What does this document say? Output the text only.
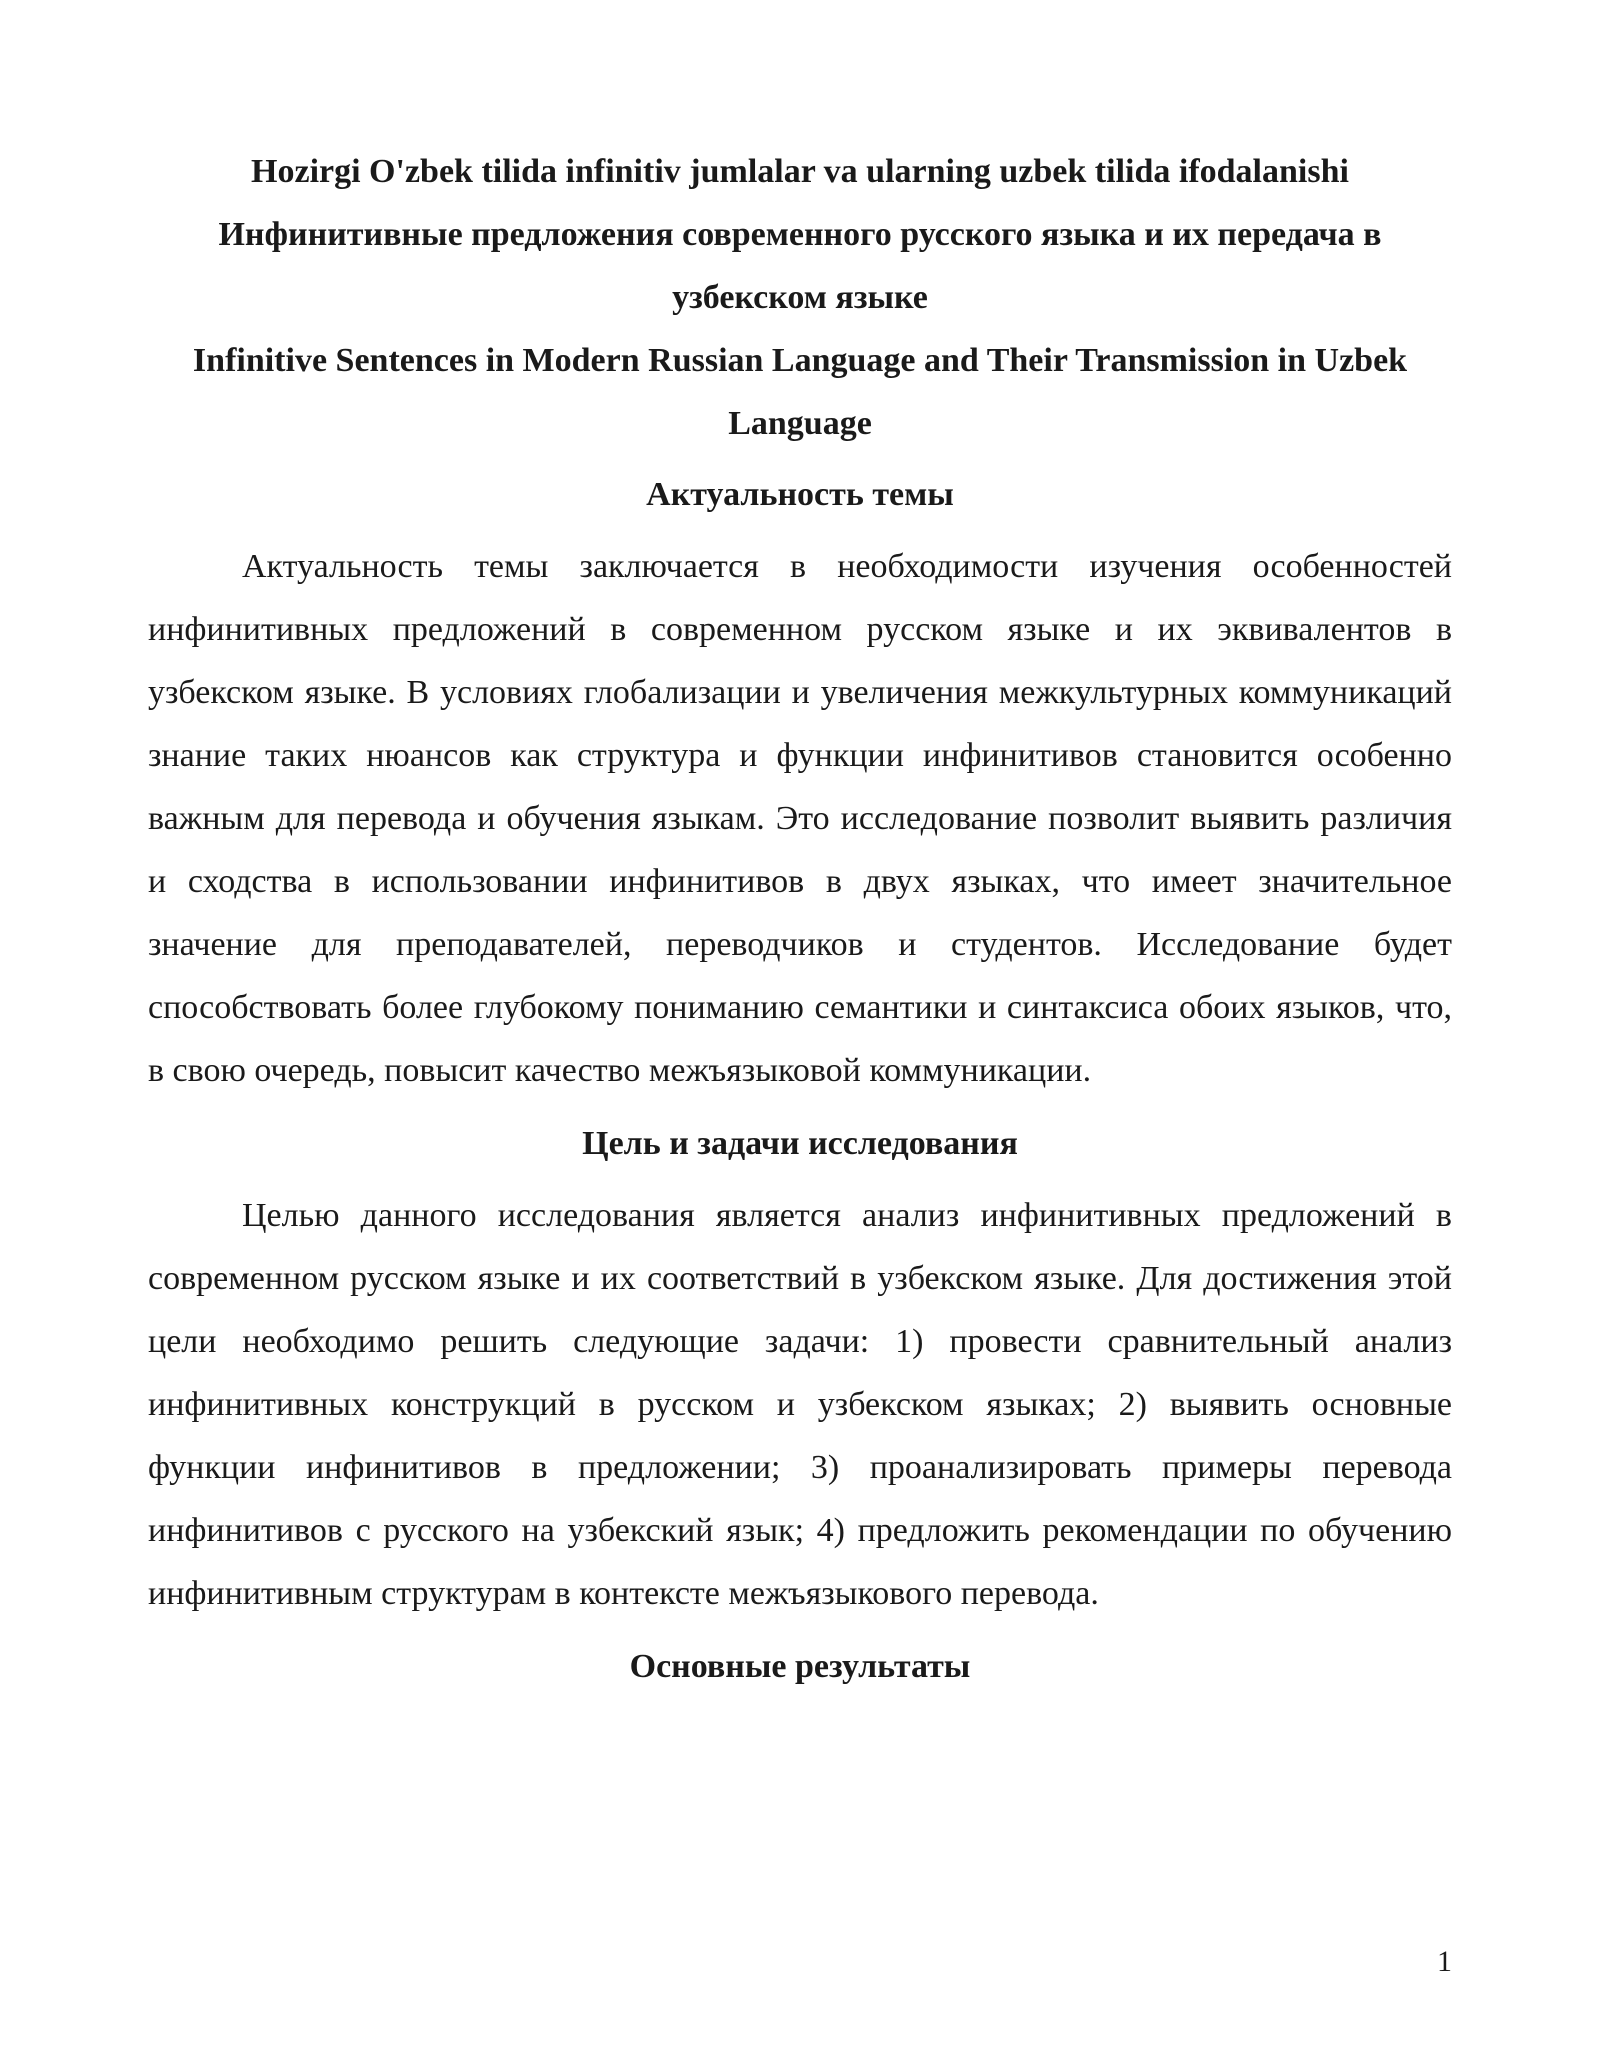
Hozirgi O'zbek tilida infinitiv jumlalar va ularning uzbek tilida ifodalanishi

Инфинитивные предложения современного русского языка и их передача в узбекском языке

Infinitive Sentences in Modern Russian Language and Their Transmission in Uzbek Language

Актуальность темы

Актуальность темы заключается в необходимости изучения особенностей инфинитивных предложений в современном русском языке и их эквивалентов в узбекском языке. В условиях глобализации и увеличения межкультурных коммуникаций знание таких нюансов как структура и функции инфинитивов становится особенно важным для перевода и обучения языкам. Это исследование позволит выявить различия и сходства в использовании инфинитивов в двух языках, что имеет значительное значение для преподавателей, переводчиков и студентов. Исследование будет способствовать более глубокому пониманию семантики и синтаксиса обоих языков, что, в свою очередь, повысит качество межъязыковой коммуникации.

Цель и задачи исследования

Целью данного исследования является анализ инфинитивных предложений в современном русском языке и их соответствий в узбекском языке. Для достижения этой цели необходимо решить следующие задачи: 1) провести сравнительный анализ инфинитивных конструкций в русском и узбекском языках; 2) выявить основные функции инфинитивов в предложении; 3) проанализировать примеры перевода инфинитивов с русского на узбекский язык; 4) предложить рекомендации по обучению инфинитивным структурам в контексте межъязыкового перевода.

Основные результаты
1
